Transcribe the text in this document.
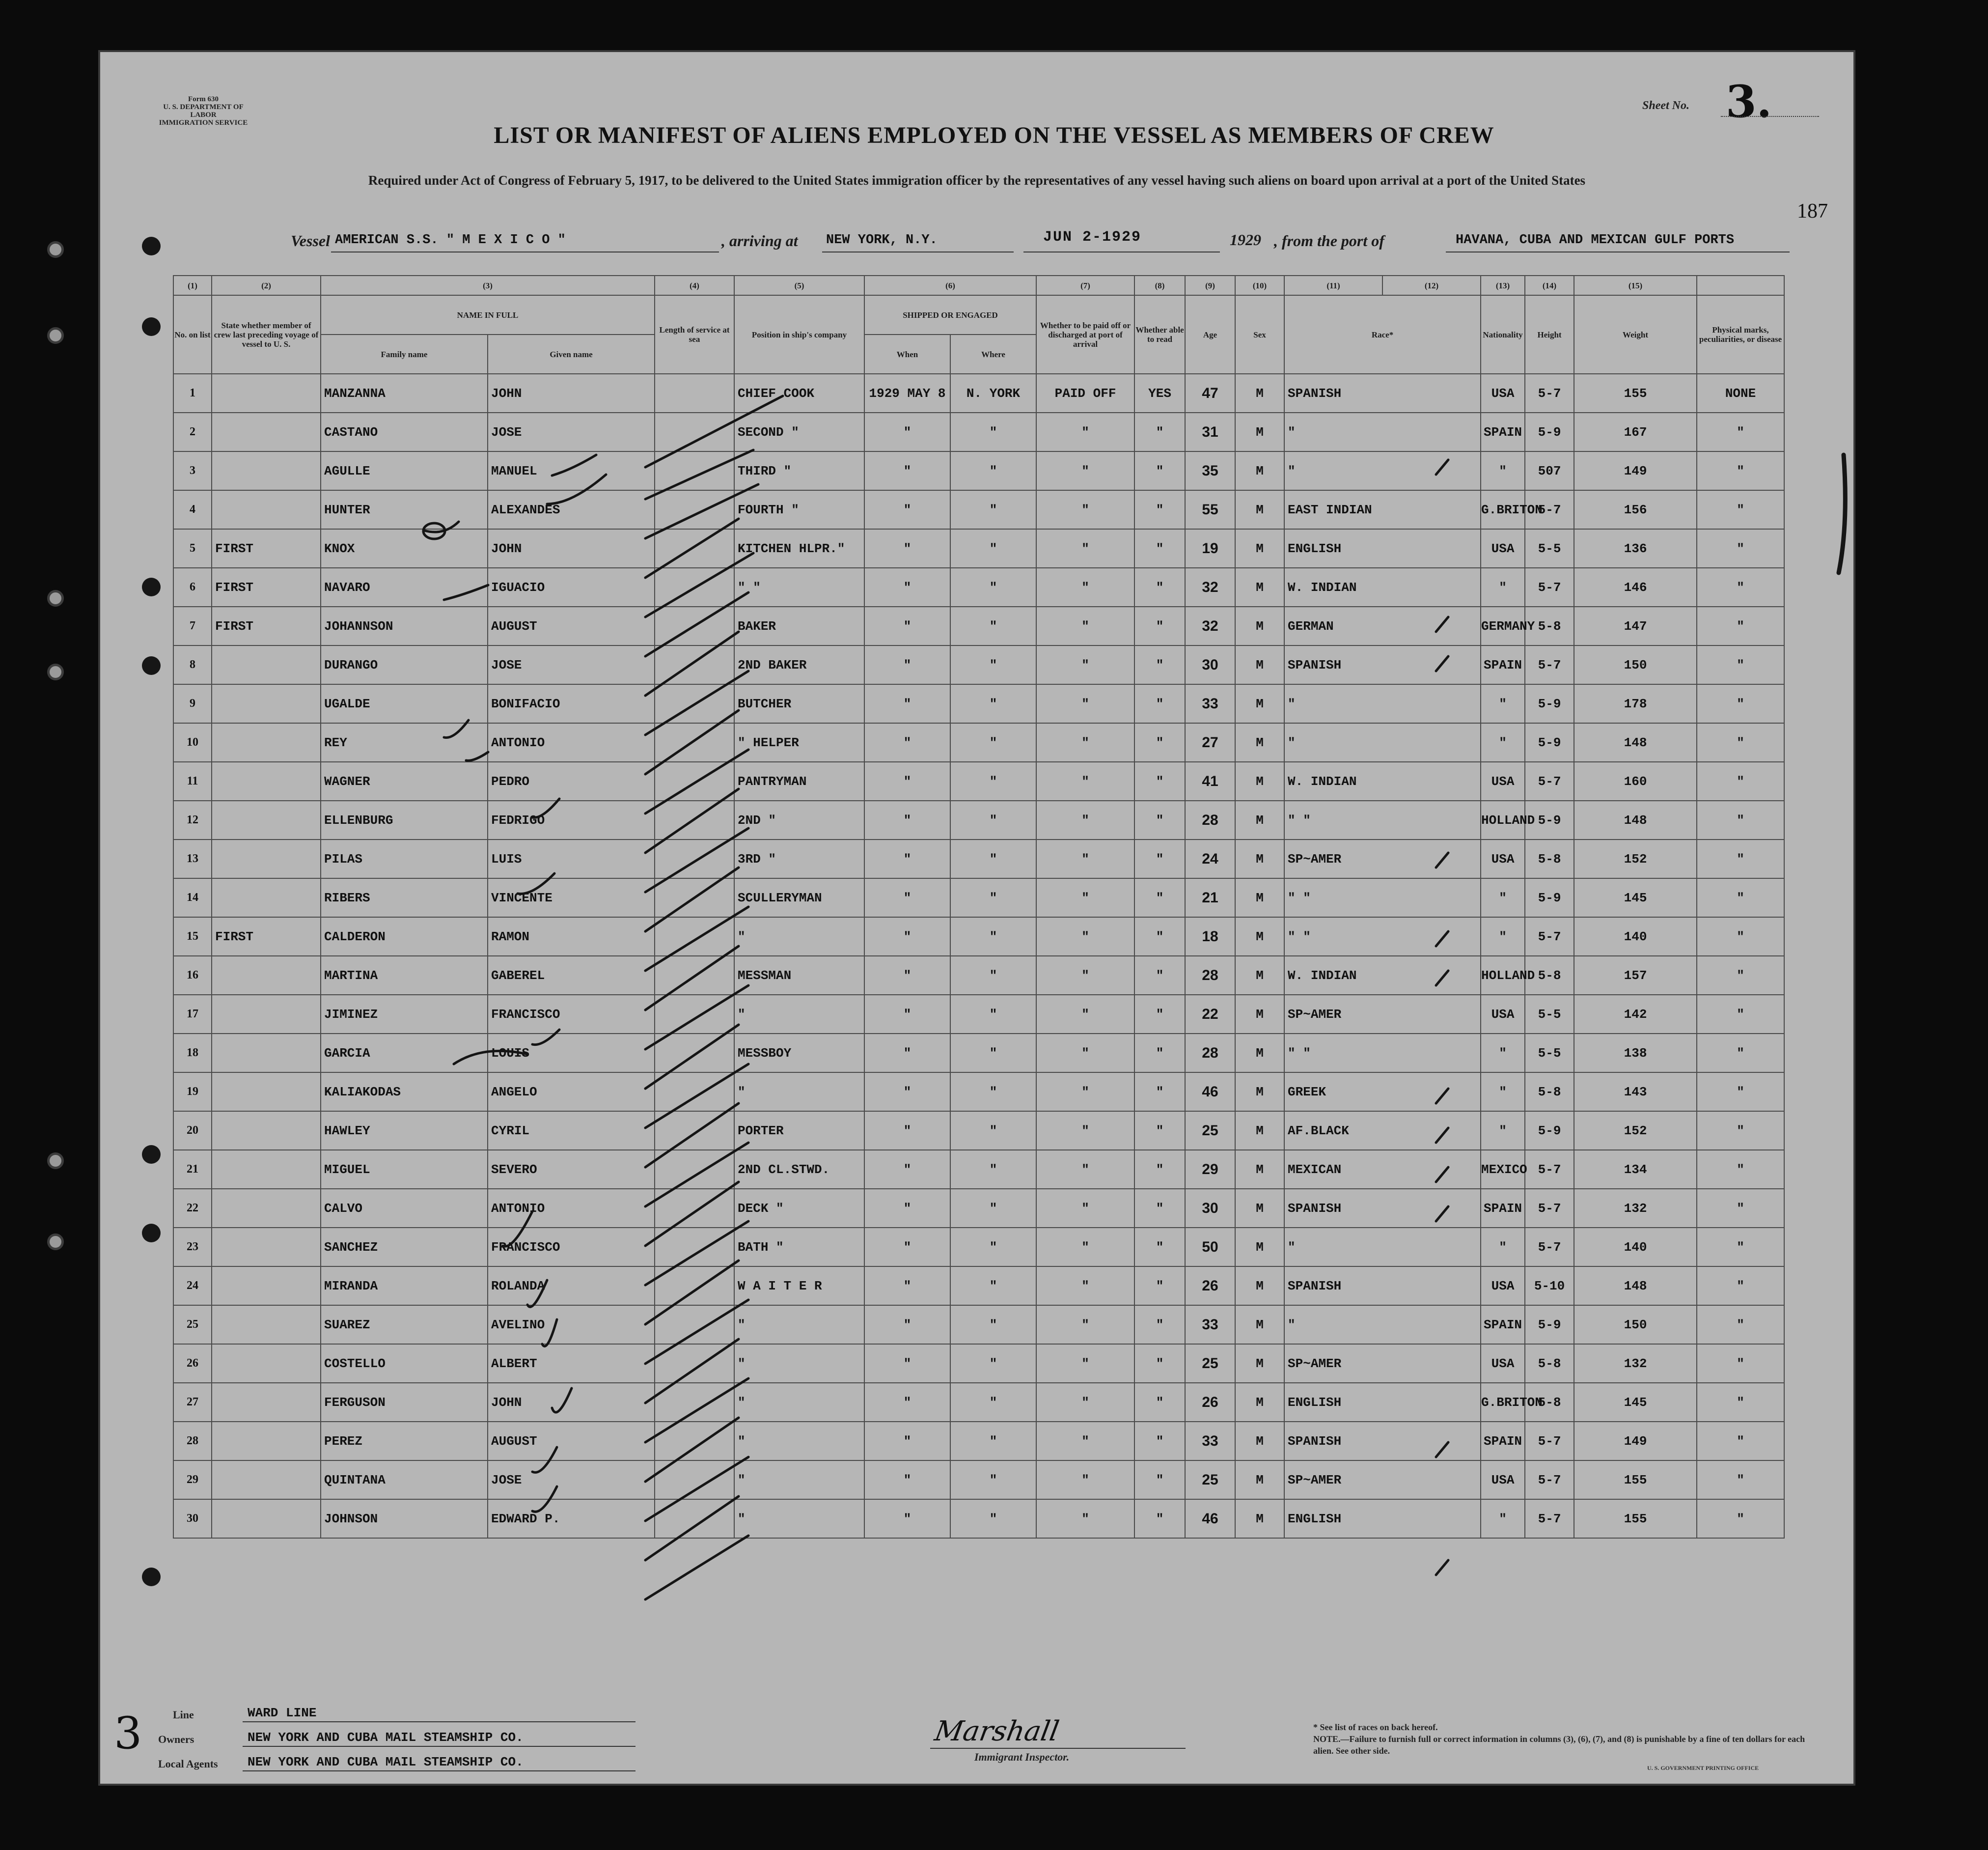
Form 630
U. S. DEPARTMENT OF LABOR
IMMIGRATION SERVICE
Sheet No. 3.
187
LIST OR MANIFEST OF ALIENS EMPLOYED ON THE VESSEL AS MEMBERS OF CREW
Required under Act of Congress of February 5, 1917, to be delivered to the United States immigration officer by the representatives of any vessel having such aliens on board upon arrival at a port of the United States
Vessel AMERICAN S.S. " M E X I C O "	, arriving at NEW YORK, N.Y.	JUN 2-1929	1929 , from the port of	HAVANA, CUBA AND MEXICAN GULF PORTS
(1)	(2)	(3)		(4)	(5)	(6)		(7)	(8)	(9)	(10)	(11)	(12)	(13)	(14)	(15)		
No. on list	State whether member of crew last preceding voyage of vessel to U. S.	NAME IN FULL		Length of service at sea	Position in ship's company	SHIPPED OR ENGAGED		Whether to be paid off or discharged at port of arrival	Whether able to read	Age	Sex	Race*		Nationality	Height	Weight	Physical marks, peculiarities, or disease	
		Family name	Given name			When	Where											
1		MANZANNA	JOHN		CHIEF COOK	1929 MAY 8	N. YORK	PAID OFF	YES	47	M	SPANISH		USA	5-7	155	NONE	
2		CASTANO	JOSE		SECOND "	"	"	"	"	31	M	"		SPAIN	5-9	167	"	
3		AGULLE	MANUEL		THIRD "	"	"	"	"	35	M	"		"	507	149	"	
4		HUNTER	ALEXANDES		FOURTH "	"	"	"	"	55	M	EAST INDIAN		G.BRITON	5-7	156	"	
5	FIRST	KNOX	JOHN		KITCHEN HLPR."	"	"	"	"	19	M	ENGLISH		USA	5-5	136	"	
6	FIRST	NAVARO	IGUACIO		" "	"	"	"	"	32	M	W. INDIAN		"	5-7	146	"	
7	FIRST	JOHANNSON	AUGUST		BAKER	"	"	"	"	32	M	GERMAN		GERMANY	5-8	147	"	
8		DURANGO	JOSE		2ND BAKER	"	"	"	"	30	M	SPANISH		SPAIN	5-7	150	"	
9		UGALDE	BONIFACIO		BUTCHER	"	"	"	"	33	M	"		"	5-9	178	"	
10		REY	ANTONIO		" HELPER	"	"	"	"	27	M	"		"	5-9	148	"	
11		WAGNER	PEDRO		PANTRYMAN	"	"	"	"	41	M	W. INDIAN		USA	5-7	160	"	
12		ELLENBURG	FEDRIGO		2ND "	"	"	"	"	28	M	" "		HOLLAND	5-9	148	"	
13		PILAS	LUIS		3RD "	"	"	"	"	24	M	SP~AMER		USA	5-8	152	"	
14		RIBERS	VINCENTE		SCULLERYMAN	"	"	"	"	21	M	" "		"	5-9	145	"	
15	FIRST	CALDERON	RAMON		"	"	"	"	"	18	M	" "		"	5-7	140	"	
16		MARTINA	GABEREL		MESSMAN	"	"	"	"	28	M	W. INDIAN		HOLLAND	5-8	157	"	
17		JIMINEZ	FRANCISCO		"	"	"	"	"	22	M	SP~AMER		USA	5-5	142	"	
18		GARCIA	LOUIS		MESSBOY	"	"	"	"	28	M	" "		"	5-5	138	"	
19		KALIAKODAS	ANGELO		"	"	"	"	"	46	M	GREEK		"	5-8	143	"	
20		HAWLEY	CYRIL		PORTER	"	"	"	"	25	M	AF.BLACK		"	5-9	152	"	
21		MIGUEL	SEVERO		2ND CL.STWD.	"	"	"	"	29	M	MEXICAN		MEXICO	5-7	134	"	
22		CALVO	ANTONIO		DECK "	"	"	"	"	30	M	SPANISH		SPAIN	5-7	132	"	
23		SANCHEZ	FRANCISCO		BATH "	"	"	"	"	50	M	"		"	5-7	140	"	
24		MIRANDA	ROLANDA		W A I T E R	"	"	"	"	26	M	SPANISH		USA	5-10	148	"	
25		SUAREZ	AVELINO		"	"	"	"	"	33	M	"		SPAIN	5-9	150	"	
26		COSTELLO	ALBERT		"	"	"	"	"	25	M	SP~AMER		USA	5-8	132	"	
27		FERGUSON	JOHN		"	"	"	"	"	26	M	ENGLISH		G.BRITON	5-8	145	"	
28		PEREZ	AUGUST		"	"	"	"	"	33	M	SPANISH		SPAIN	5-7	149	"	
29		QUINTANA	JOSE		"	"	"	"	"	25	M	SP~AMER		USA	5-7	155	"	
30		JOHNSON	EDWARD P.		"	"	"	"	"	46	M	ENGLISH		"	5-7	155	"	
3	Line	WARD LINE
Owners	NEW YORK AND CUBA MAIL STEAMSHIP CO.
Local Agents NEW YORK AND CUBA MAIL STEAMSHIP CO.
Marshall
Immigrant Inspector.
* See list of races on back hereof.
NOTE.—Failure to furnish full or correct information in columns (3), (6), (7), and (8) is punishable by a fine of ten dollars for each alien. See other side.
U. S. GOVERNMENT PRINTING OFFICE
